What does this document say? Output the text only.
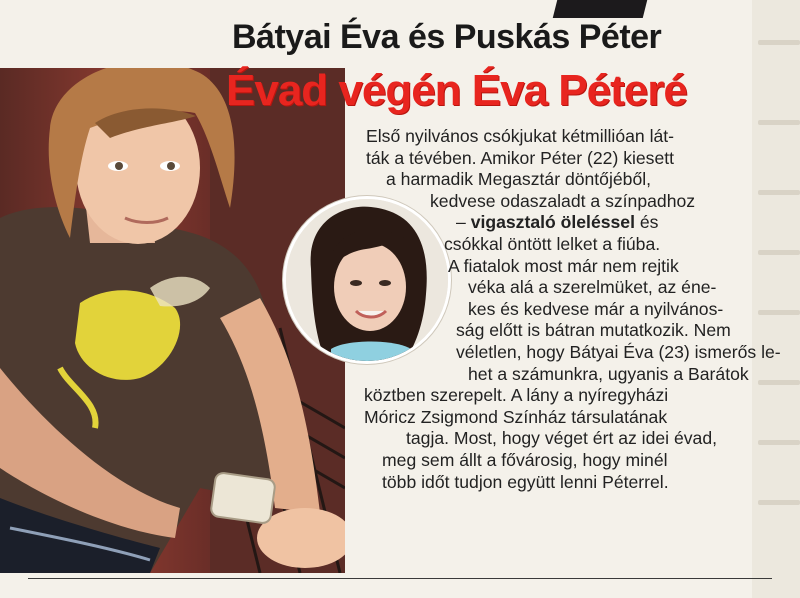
Bátyai Éva és Puskás Péter
Évad végén Éva Péteré
Első nyilvános csókjukat kétmillióan lát-
ták a tévében. Amikor Péter (22) kiesett
a harmadik Megasztár döntőjéből,
kedvese odaszaladt a színpadhoz
– vigasztaló öleléssel és
csókkal öntött lelket a fiúba.
A fiatalok most már nem rejtik
véka alá a szerelmüket, az éne-
kes és kedvese már a nyilvános-
ság előtt is bátran mutatkozik. Nem
véletlen, hogy Bátyai Éva (23) ismerős le-
het a számunkra, ugyanis a Barátok
köztben szerepelt. A lány a nyíregyházi
Móricz Zsigmond Színház társulatának
tagja. Most, hogy véget ért az idei évad,
meg sem állt a fővárosig, hogy minél
több időt tudjon együtt lenni Péterrel.
